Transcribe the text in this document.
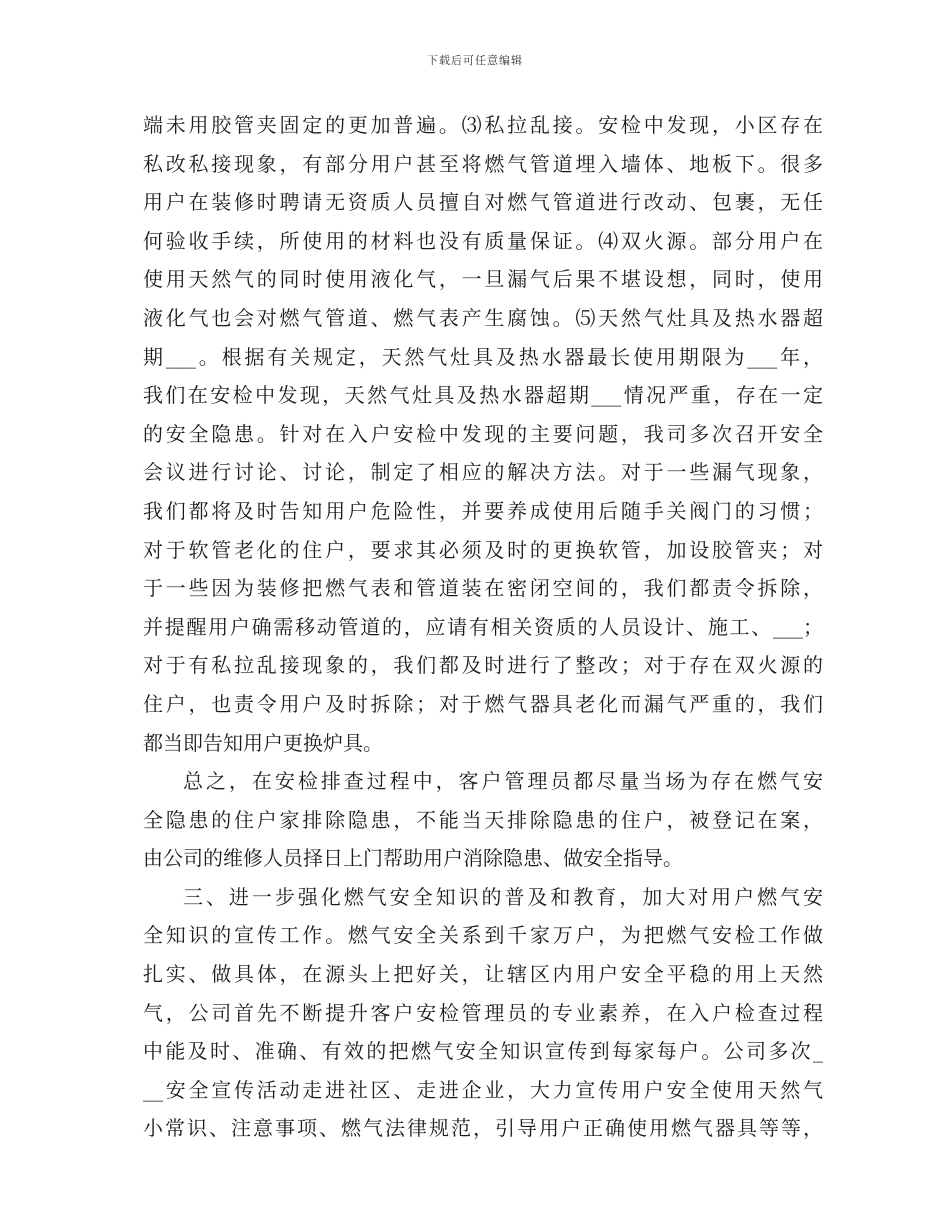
下载后可任意编辑
端未用胶管夹固定的更加普遍。⑶私拉乱接。安检中发现，小区存在
私改私接现象，有部分用户甚至将燃气管道埋入墙体、地板下。很多
用户在装修时聘请无资质人员擅自对燃气管道进行改动、包裹，无任
何验收手续，所使用的材料也没有质量保证。⑷双火源。部分用户在
使用天然气的同时使用液化气，一旦漏气后果不堪设想，同时，使用
液化气也会对燃气管道、燃气表产生腐蚀。⑸天然气灶具及热水器超
期___。根据有关规定，天然气灶具及热水器最长使用期限为___年，
我们在安检中发现，天然气灶具及热水器超期___情况严重，存在一定
的安全隐患。针对在入户安检中发现的主要问题，我司多次召开安全
会议进行讨论、讨论，制定了相应的解决方法。对于一些漏气现象，
我们都将及时告知用户危险性，并要养成使用后随手关阀门的习惯；
对于软管老化的住户，要求其必须及时的更换软管，加设胶管夹；对
于一些因为装修把燃气表和管道装在密闭空间的，我们都责令拆除，
并提醒用户确需移动管道的，应请有相关资质的人员设计、施工、___；
对于有私拉乱接现象的，我们都及时进行了整改；对于存在双火源的
住户，也责令用户及时拆除；对于燃气器具老化而漏气严重的，我们
都当即告知用户更换炉具。
总之，在安检排查过程中，客户管理员都尽量当场为存在燃气安
全隐患的住户家排除隐患，不能当天排除隐患的住户，被登记在案，
由公司的维修人员择日上门帮助用户消除隐患、做安全指导。
三、进一步强化燃气安全知识的普及和教育，加大对用户燃气安
全知识的宣传工作。燃气安全关系到千家万户，为把燃气安检工作做
扎实、做具体，在源头上把好关，让辖区内用户安全平稳的用上天然
气，公司首先不断提升客户安检管理员的专业素养，在入户检查过程
中能及时、准确、有效的把燃气安全知识宣传到每家每户。公司多次_
__安全宣传活动走进社区、走进企业，大力宣传用户安全使用天然气
小常识、注意事项、燃气法律规范，引导用户正确使用燃气器具等等，
